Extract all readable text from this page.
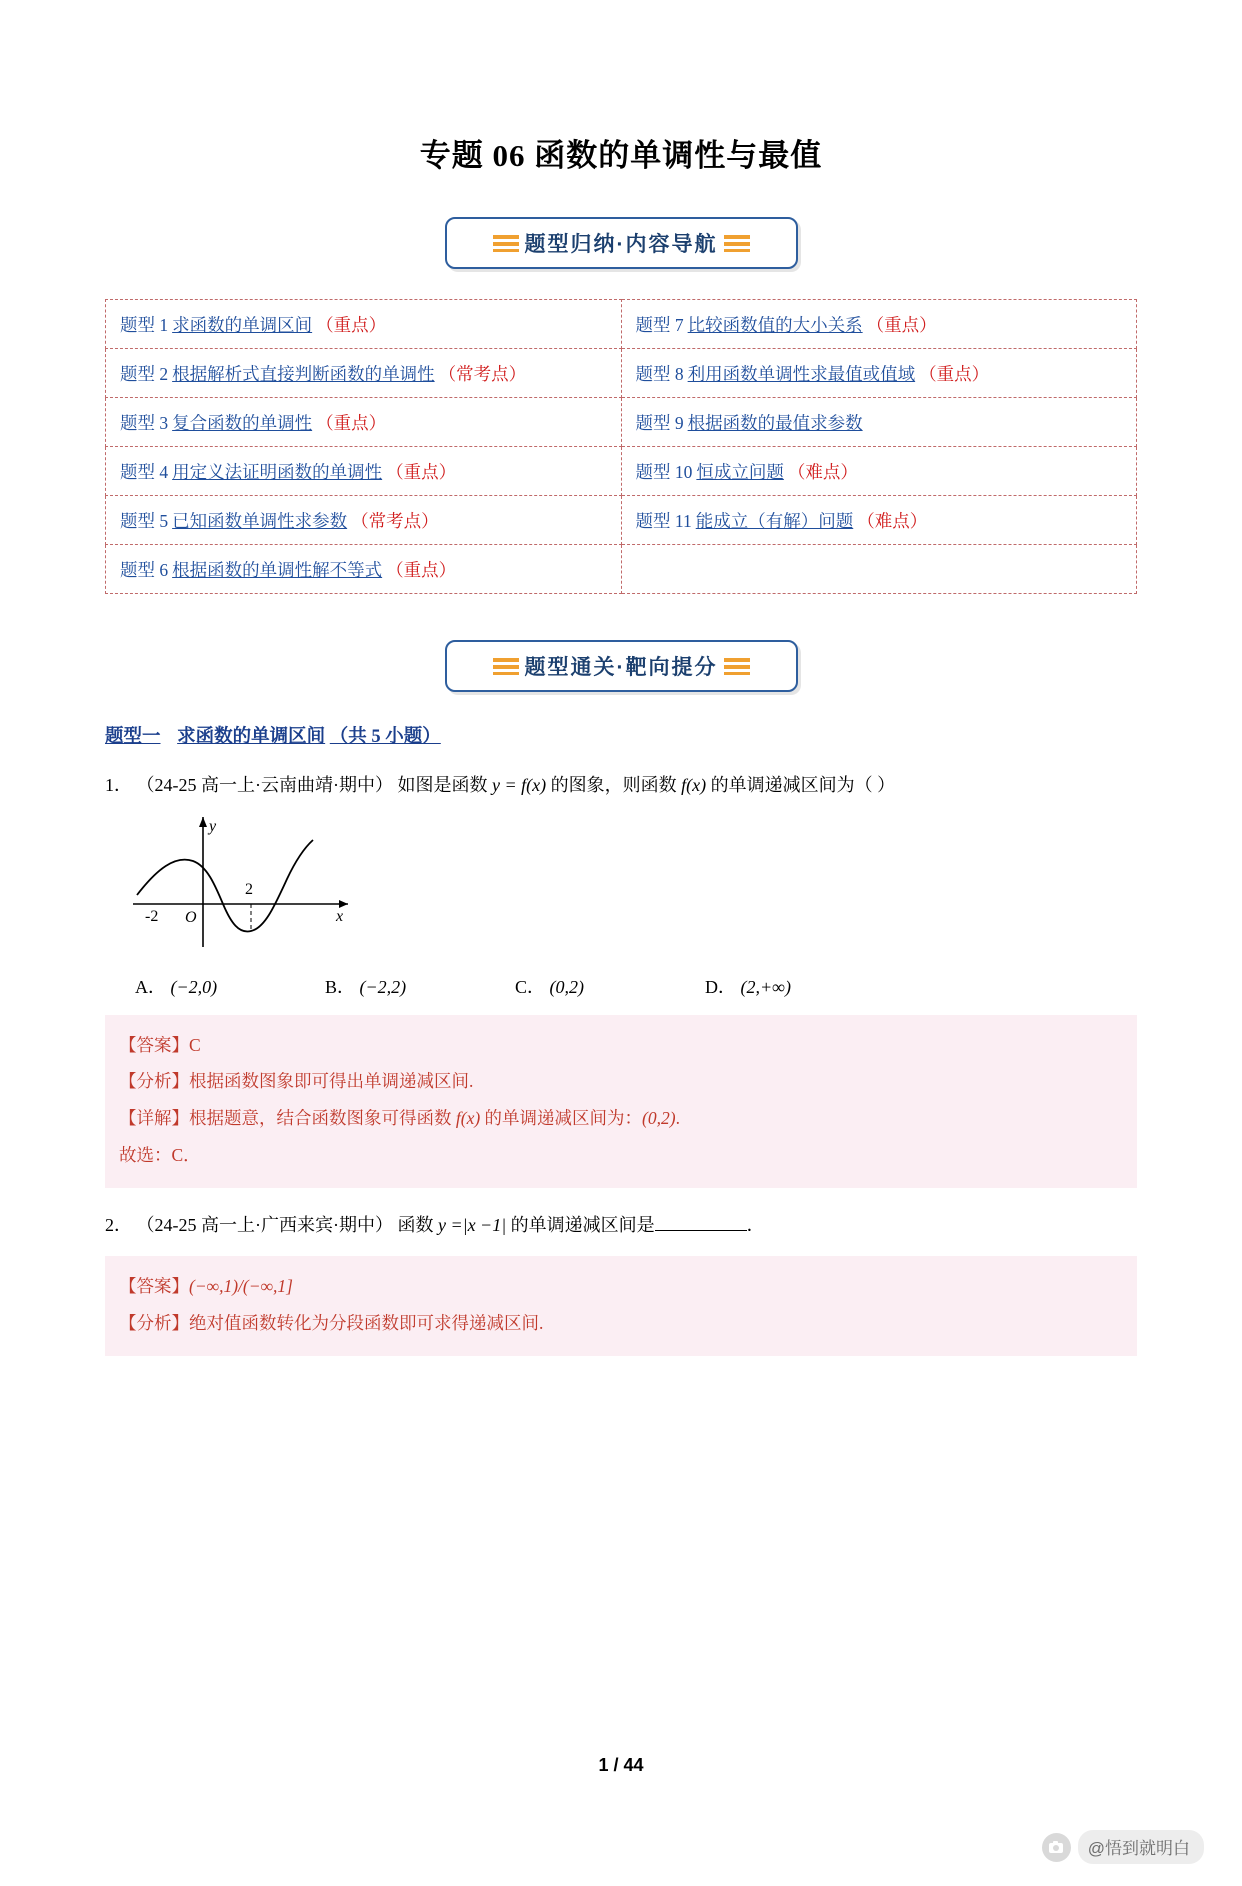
专题 06 函数的单调性与最值
题型归纳·内容导航
题型 1 求函数的单调区间 （重点）	题型 7 比较函数值的大小关系 （重点）
题型 2 根据解析式直接判断函数的单调性 （常考点）	题型 8 利用函数单调性求最值或值域 （重点）
题型 3 复合函数的单调性 （重点）	题型 9 根据函数的最值求参数
题型 4 用定义法证明函数的单调性 （重点）	题型 10 恒成立问题 （难点）
题型 5 已知函数单调性求参数 （常考点）	题型 11 能成立（有解）问题 （难点）
题型 6 根据函数的单调性解不等式 （重点）	
题型通关·靶向提分
题型一 求函数的单调区间 （共 5 小题）
1． （24-25 高一上·云南曲靖·期中） 如图是函数 y = f(x) 的图象，则函数 f(x) 的单调递减区间为（ ）
-2 O
2
y
x
A． (−2,0)	B． (−2,2)	C． (0,2)	D． (2,+∞)
【答案】C
【分析】根据函数图象即可得出单调递减区间.
【详解】根据题意，结合函数图象可得函数 f(x) 的单调递减区间为：(0,2).
故选：C．
2． （24-25 高一上·广西来宾·期中） 函数 y =|x −1| 的单调递减区间是	．
【答案】(−∞,1)/(−∞,1]
【分析】绝对值函数转化为分段函数即可求得递减区间.
1 / 44
@悟到就明白
